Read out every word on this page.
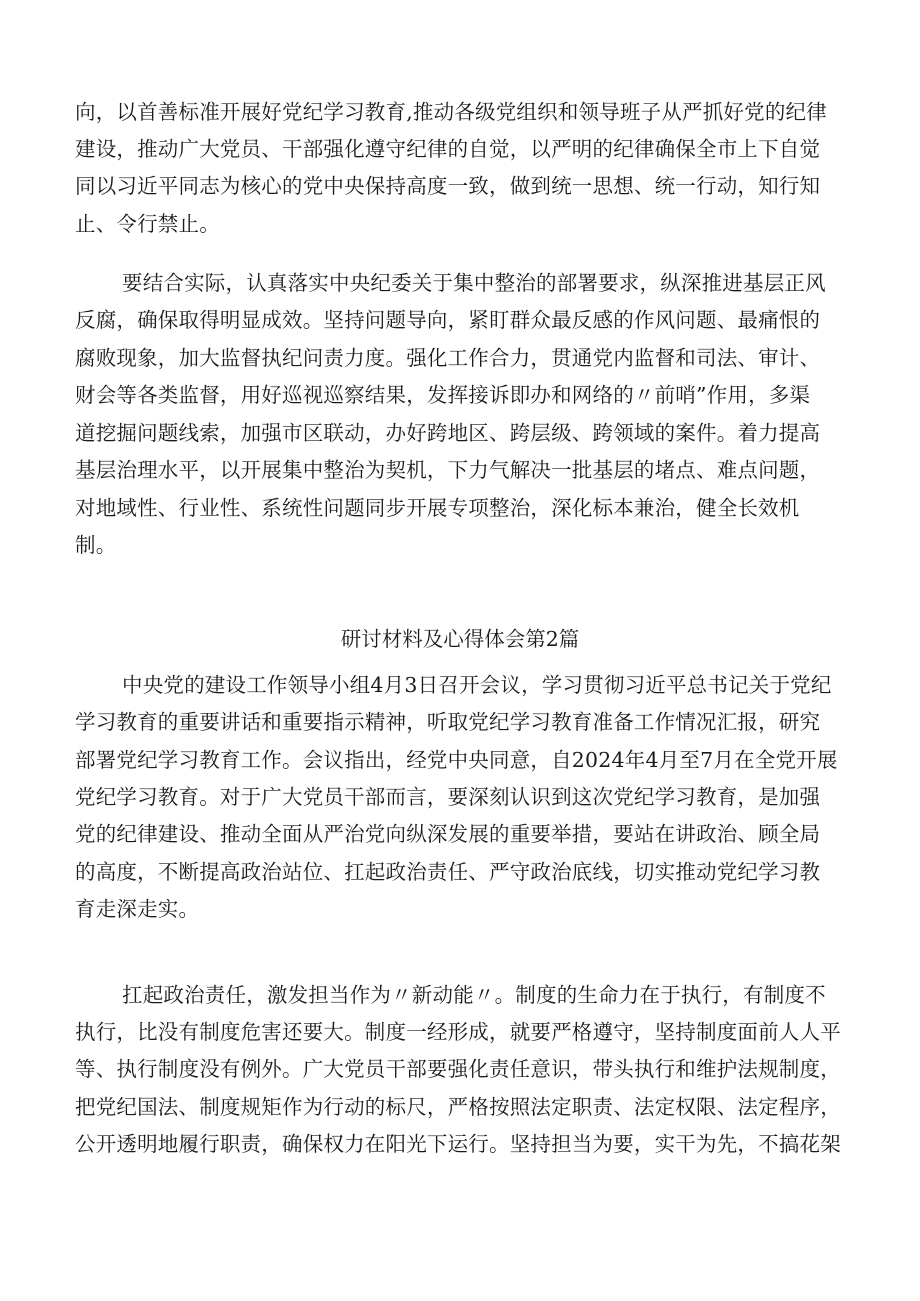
向，以首善标准开展好党纪学习教育,推动各级党组织和领导班子从严抓好党的纪律
建设，推动广大党员、干部强化遵守纪律的自觉，以严明的纪律确保全市上下自觉
同以习近平同志为核心的党中央保持高度一致，做到统一思想、统一行动，知行知
止、令行禁止。
要结合实际，认真落实中央纪委关于集中整治的部署要求，纵深推进基层正风
反腐，确保取得明显成效。坚持问题导向，紧盯群众最反感的作风问题、最痛恨的
腐败现象，加大监督执纪问责力度。强化工作合力，贯通党内监督和司法、审计、
财会等各类监督，用好巡视巡察结果，发挥接诉即办和网络的〃前哨”作用，多渠
道挖掘问题线索，加强市区联动，办好跨地区、跨层级、跨领域的案件。着力提高
基层治理水平，以开展集中整治为契机，下力气解决一批基层的堵点、难点问题，
对地域性、行业性、系统性问题同步开展专项整治，深化标本兼治，健全长效机
制。
研讨材料及心得体会第2篇
中央党的建设工作领导小组4月3日召开会议，学习贯彻习近平总书记关于党纪
学习教育的重要讲话和重要指示精神，听取党纪学习教育准备工作情况汇报，研究
部署党纪学习教育工作。会议指出，经党中央同意，自2024年4月至7月在全党开展
党纪学习教育。对于广大党员干部而言，要深刻认识到这次党纪学习教育，是加强
党的纪律建设、推动全面从严治党向纵深发展的重要举措，要站在讲政治、顾全局
的高度，不断提高政治站位、扛起政治责任、严守政治底线，切实推动党纪学习教
育走深走实。
扛起政治责任，激发担当作为〃新动能〃。制度的生命力在于执行，有制度不
执行，比没有制度危害还要大。制度一经形成，就要严格遵守，坚持制度面前人人平
等、执行制度没有例外。广大党员干部要强化责任意识，带头执行和维护法规制度，
把党纪国法、制度规矩作为行动的标尺，严格按照法定职责、法定权限、法定程序，
公开透明地履行职责，确保权力在阳光下运行。坚持担当为要，实干为先，不搞花架
